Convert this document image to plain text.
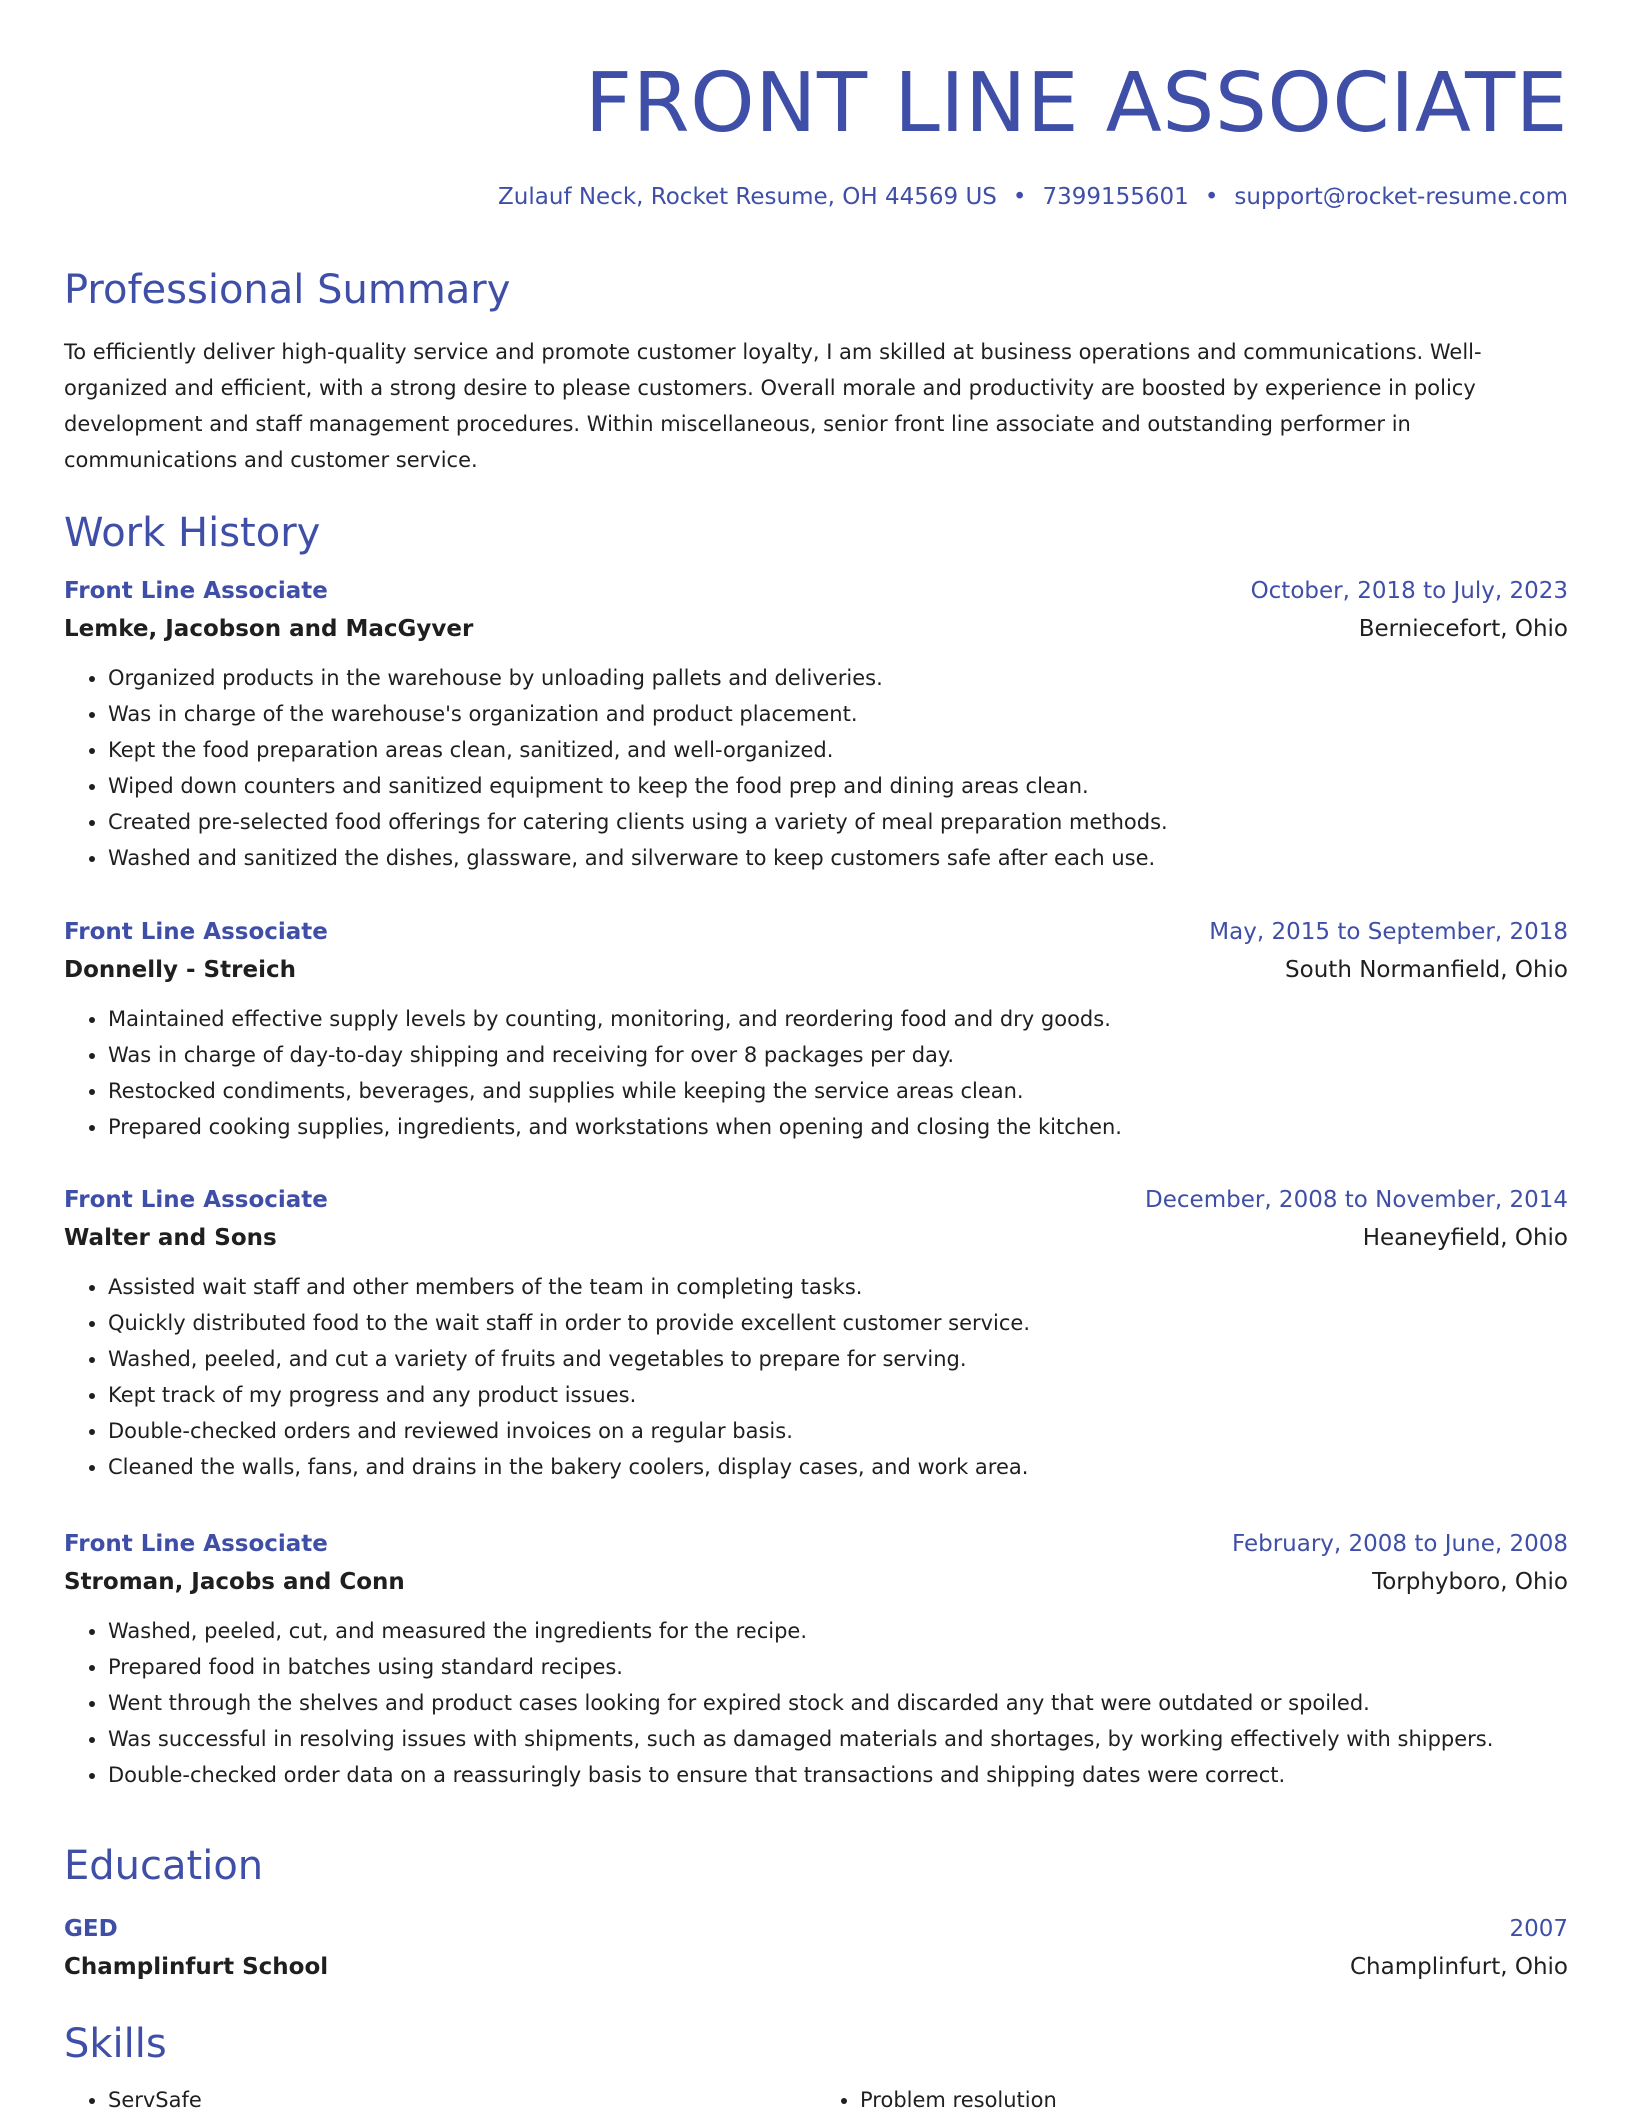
FRONT LINE ASSOCIATE
Zulauf Neck, Rocket Resume, OH 44569 US • 7399155601 • support@rocket-resume.com
Professional Summary

To efficiently deliver high-quality service and promote customer loyalty, I am skilled at business operations and communications. Well-organized and efficient, with a strong desire to please customers. Overall morale and productivity are boosted by experience in policy development and staff management procedures. Within miscellaneous, senior front line associate and outstanding performer in communications and customer service.

Work History
Front Line Associate	October, 2018 to July, 2023
Lemke, Jacobson and MacGyver	Berniecefort, Ohio
• Organized products in the warehouse by unloading pallets and deliveries.
• Was in charge of the warehouse's organization and product placement.
• Kept the food preparation areas clean, sanitized, and well-organized.
• Wiped down counters and sanitized equipment to keep the food prep and dining areas clean.
• Created pre-selected food offerings for catering clients using a variety of meal preparation methods.
• Washed and sanitized the dishes, glassware, and silverware to keep customers safe after each use.
Front Line Associate	May, 2015 to September, 2018
Donnelly - Streich	South Normanfield, Ohio
• Maintained effective supply levels by counting, monitoring, and reordering food and dry goods.
• Was in charge of day-to-day shipping and receiving for over 8 packages per day.
• Restocked condiments, beverages, and supplies while keeping the service areas clean.
• Prepared cooking supplies, ingredients, and workstations when opening and closing the kitchen.
Front Line Associate	December, 2008 to November, 2014
Walter and Sons	Heaneyfield, Ohio
• Assisted wait staff and other members of the team in completing tasks.
• Quickly distributed food to the wait staff in order to provide excellent customer service.
• Washed, peeled, and cut a variety of fruits and vegetables to prepare for serving.
• Kept track of my progress and any product issues.
• Double-checked orders and reviewed invoices on a regular basis.
• Cleaned the walls, fans, and drains in the bakery coolers, display cases, and work area.
Front Line Associate	February, 2008 to June, 2008
Stroman, Jacobs and Conn	Torphyboro, Ohio
• Washed, peeled, cut, and measured the ingredients for the recipe.
• Prepared food in batches using standard recipes.
• Went through the shelves and product cases looking for expired stock and discarded any that were outdated or spoiled.
• Was successful in resolving issues with shipments, such as damaged materials and shortages, by working effectively with shippers.
• Double-checked order data on a reassuringly basis to ensure that transactions and shipping dates were correct.
Education
GED	2007
Champlinfurt School	Champlinfurt, Ohio
Skills
• ServSafe
•	Problem resolution
